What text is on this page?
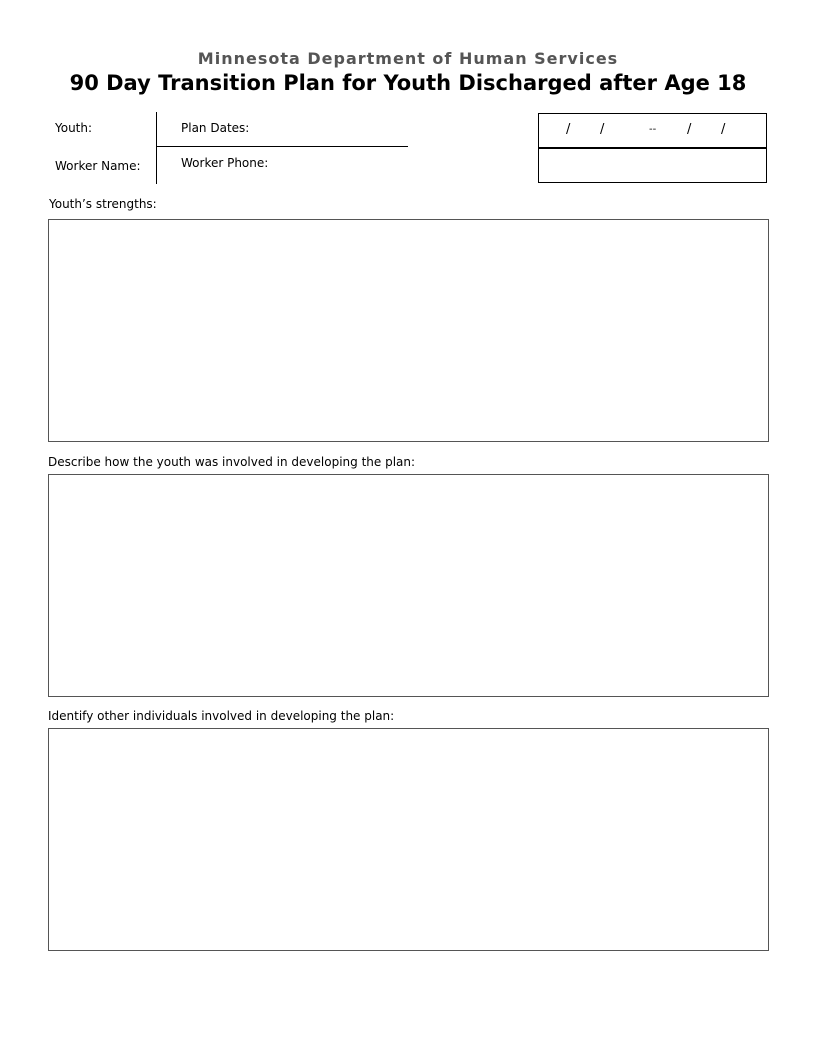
Minnesota Department of Human Services
90 Day Transition Plan for Youth Discharged after Age 18
Youth:
Worker Name:
Plan Dates:
Worker Phone:
/ /	-- / /
Youth’s strengths:
Describe how the youth was involved in developing the plan:
Identify other individuals involved in developing the plan:
